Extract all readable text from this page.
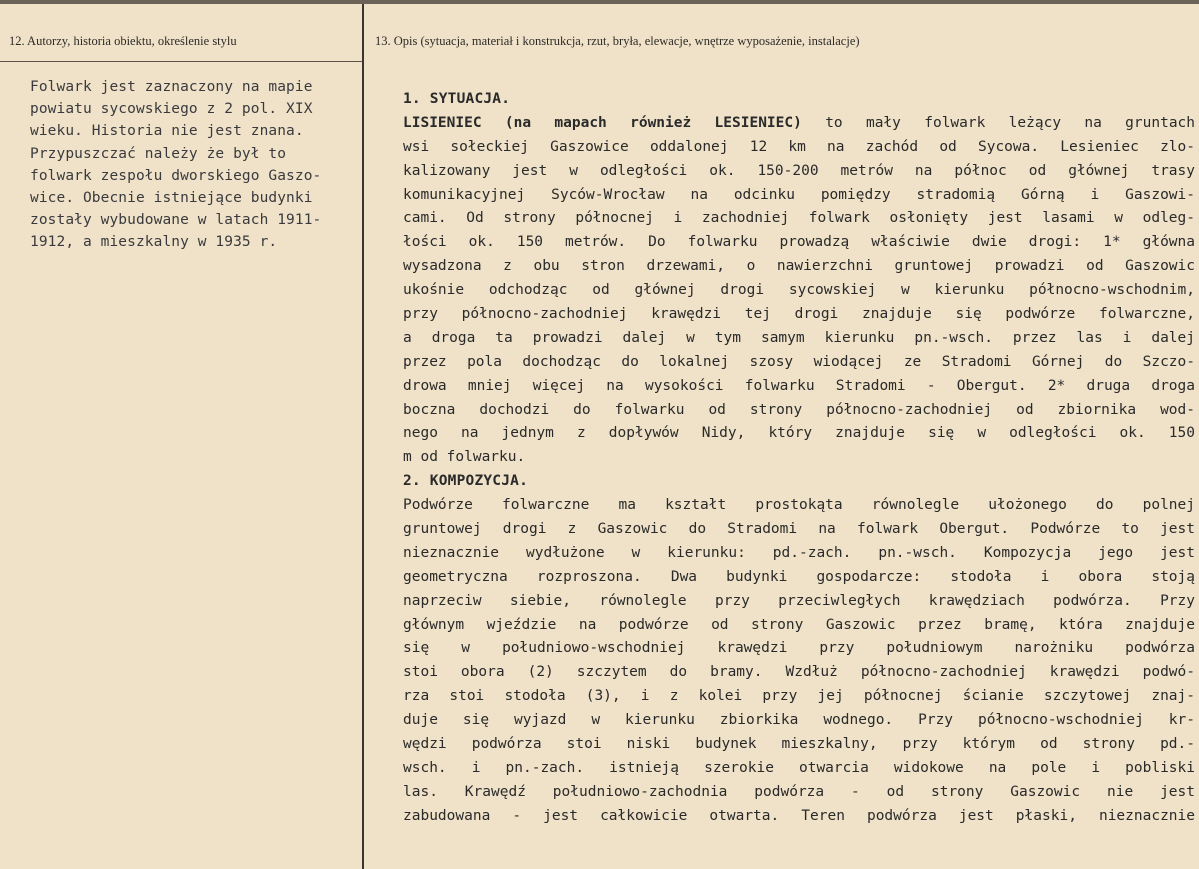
12. Autorzy, historia obiektu, określenie stylu
Folwark jest zaznaczony na mapie
powiatu sycowskiego z 2 pol. XIX
wieku. Historia nie jest znana.
Przypuszczać należy że był to
folwark zespołu dworskiego Gaszo-
wice. Obecnie istniejące budynki
zostały wybudowane w latach 1911-
1912, a mieszkalny w 1935 r.
13. Opis (sytuacja, materiał i konstrukcja, rzut, bryła, elewacje, wnętrze wyposażenie, instalacje)
1. SYTUACJA.
LISIENIEC (na mapach również LESIENIEC) to mały folwark leżący na gruntach
wsi sołeckiej Gaszowice oddalonej 12 km na zachód od Sycowa. Lesieniec zlo-
kalizowany jest w odległości ok. 150-200 metrów na północ od głównej trasy
komunikacyjnej Syców-Wrocław na odcinku pomiędzy stradomią Górną i Gaszowi-
cami. Od strony północnej i zachodniej folwark osłonięty jest lasami w odleg-
łości ok. 150 metrów. Do folwarku prowadzą właściwie dwie drogi: 1* główna
wysadzona z obu stron drzewami, o nawierzchni gruntowej prowadzi od Gaszowic
ukośnie odchodząc od głównej drogi sycowskiej w kierunku północno-wschodnim,
przy północno-zachodniej krawędzi tej drogi znajduje się podwórze folwarczne,
a droga ta prowadzi dalej w tym samym kierunku pn.-wsch. przez las i dalej
przez pola dochodząc do lokalnej szosy wiodącej ze Stradomi Górnej do Szczo-
drowa mniej więcej na wysokości folwarku Stradomi - Obergut. 2* druga droga
boczna dochodzi do folwarku od strony północno-zachodniej od zbiornika wod-
nego na jednym z dopływów Nidy, który znajduje się w odległości ok. 150
m od folwarku.
2. KOMPOZYCJA.
Podwórze folwarczne ma kształt prostokąta równolegle ułożonego do polnej
gruntowej drogi z Gaszowic do Stradomi na folwark Obergut. Podwórze to jest
nieznacznie wydłużone w kierunku: pd.-zach. pn.-wsch. Kompozycja jego jest
geometryczna rozproszona. Dwa budynki gospodarcze: stodoła i obora stoją
naprzeciw siebie, równolegle przy przeciwległych krawędziach podwórza. Przy
głównym wjeździe na podwórze od strony Gaszowic przez bramę, która znajduje
się w południowo-wschodniej krawędzi przy południowym narożniku podwórza
stoi obora (2) szczytem do bramy. Wzdłuż północno-zachodniej krawędzi podwó-
rza stoi stodoła (3), i z kolei przy jej północnej ścianie szczytowej znaj-
duje się wyjazd w kierunku zbiorkika wodnego. Przy północno-wschodniej kr-
wędzi podwórza stoi niski budynek mieszkalny, przy którym od strony pd.-
wsch. i pn.-zach. istnieją szerokie otwarcia widokowe na pole i pobliski
las. Krawędź południowo-zachodnia podwórza - od strony Gaszowic nie jest
zabudowana - jest całkowicie otwarta. Teren podwórza jest płaski, nieznacznie
